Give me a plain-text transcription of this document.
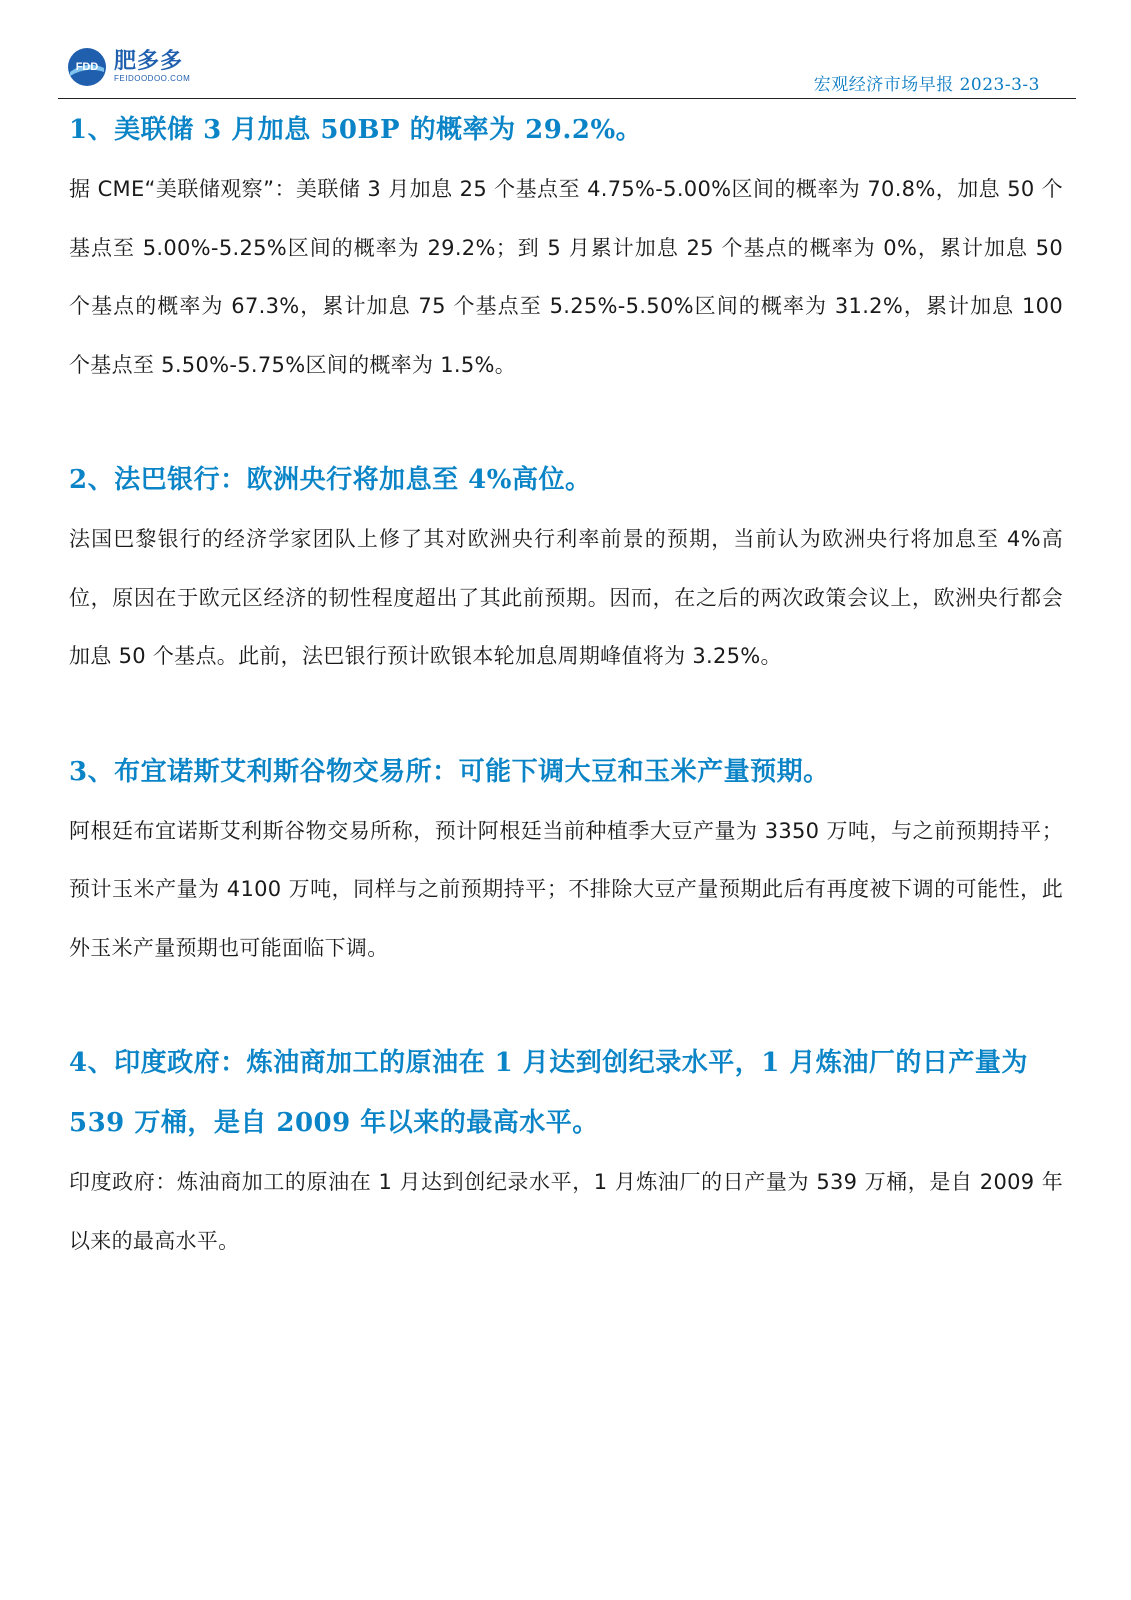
FDD 肥多多
FEIDOODOO.COM	宏观经济市场早报 2023-3-3
1、美联储 3 月加息 50BP 的概率为 29.2%。

据 CME“美联储观察”：美联储 3 月加息 25 个基点至 4.75%-5.00%区间的概率为 70.8%，加息 50 个基点至 5.00%-5.25%区间的概率为 29.2%；到 5 月累计加息 25 个基点的概率为 0%，累计加息 50 个基点的概率为 67.3%，累计加息 75 个基点至 5.25%-5.50%区间的概率为 31.2%，累计加息 100 个基点至 5.50%-5.75%区间的概率为 1.5%。

2、法巴银行：欧洲央行将加息至 4%高位。

法国巴黎银行的经济学家团队上修了其对欧洲央行利率前景的预期，当前认为欧洲央行将加息至 4%高位，原因在于欧元区经济的韧性程度超出了其此前预期。因而，在之后的两次政策会议上，欧洲央行都会加息 50 个基点。此前，法巴银行预计欧银本轮加息周期峰值将为 3.25%。

3、布宜诺斯艾利斯谷物交易所：可能下调大豆和玉米产量预期。

阿根廷布宜诺斯艾利斯谷物交易所称，预计阿根廷当前种植季大豆产量为 3350 万吨，与之前预期持平；预计玉米产量为 4100 万吨，同样与之前预期持平；不排除大豆产量预期此后有再度被下调的可能性，此外玉米产量预期也可能面临下调。

4、印度政府：炼油商加工的原油在 1 月达到创纪录水平，1 月炼油厂的日产量为 539 万桶，是自 2009 年以来的最高水平。

印度政府：炼油商加工的原油在 1 月达到创纪录水平，1 月炼油厂的日产量为 539 万桶，是自 2009 年以来的最高水平。
